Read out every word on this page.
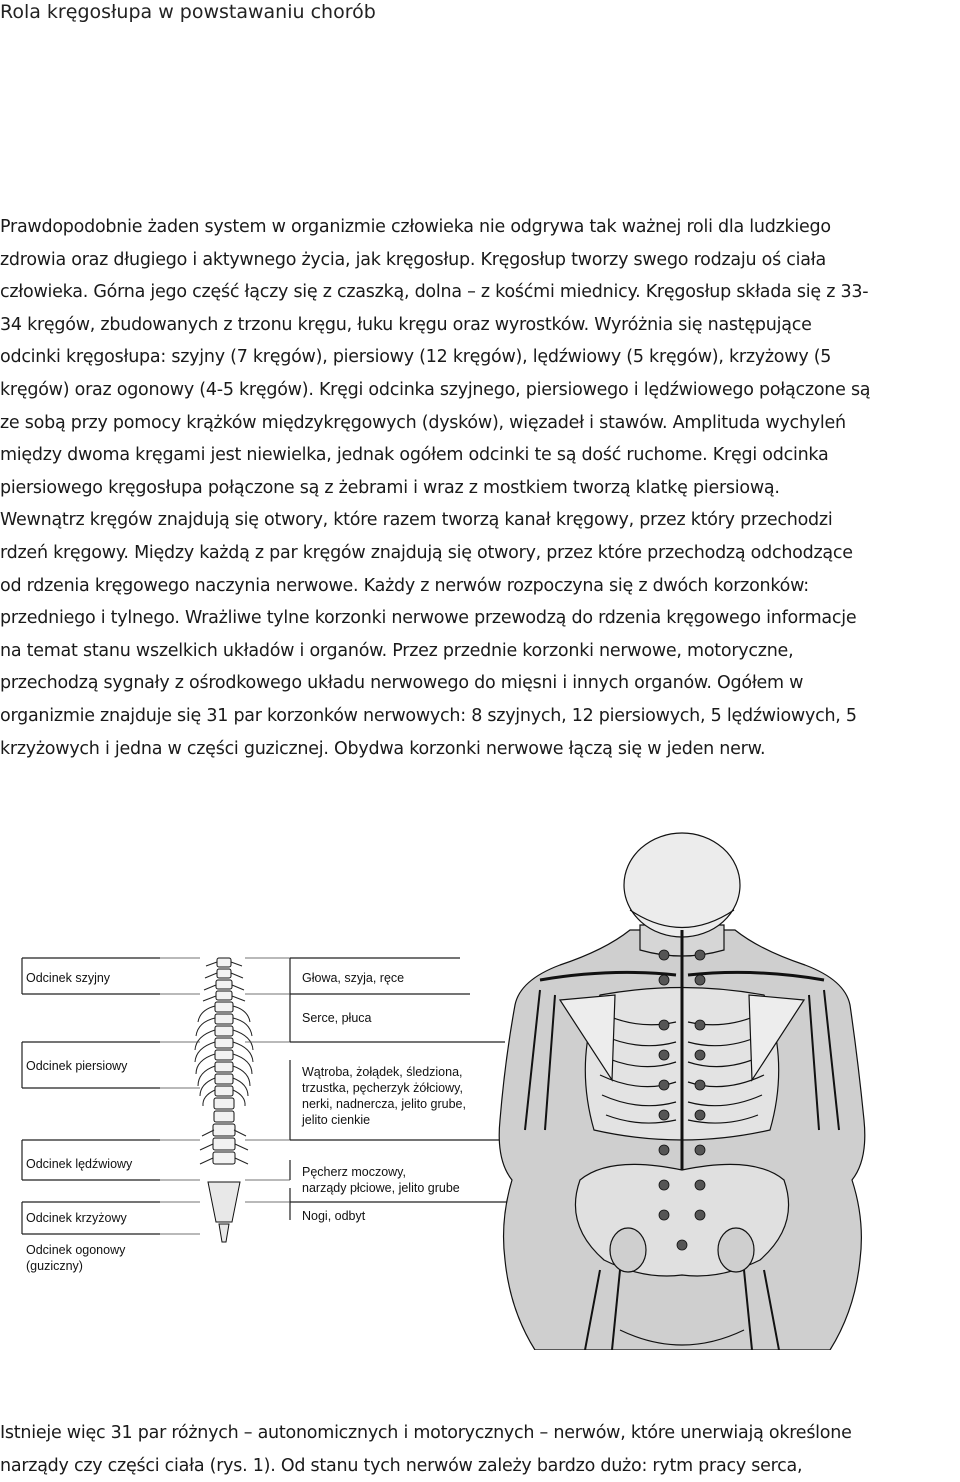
Rola kręgosłupa w powstawaniu chorób
Prawdopodobnie żaden system w organizmie człowieka nie odgrywa tak ważnej roli dla ludzkiego
zdrowia oraz długiego i aktywnego życia, jak kręgosłup. Kręgosłup tworzy swego rodzaju oś ciała
człowieka. Górna jego część łączy się z czaszką, dolna – z kośćmi miednicy. Kręgosłup składa się z 33-
34 kręgów, zbudowanych z trzonu kręgu, łuku kręgu oraz wyrostków. Wyróżnia się następujące
odcinki kręgosłupa: szyjny (7 kręgów), piersiowy (12 kręgów), lędźwiowy (5 kręgów), krzyżowy (5
kręgów) oraz ogonowy (4-5 kręgów). Kręgi odcinka szyjnego, piersiowego i lędźwiowego połączone są
ze sobą przy pomocy krążków międzykręgowych (dysków), więzadeł i stawów. Amplituda wychyleń
między dwoma kręgami jest niewielka, jednak ogółem odcinki te są dość ruchome. Kręgi odcinka
piersiowego kręgosłupa połączone są z żebrami i wraz z mostkiem tworzą klatkę piersiową.
Wewnątrz kręgów znajdują się otwory, które razem tworzą kanał kręgowy, przez który przechodzi
rdzeń kręgowy. Między każdą z par kręgów znajdują się otwory, przez które przechodzą odchodzące
od rdzenia kręgowego naczynia nerwowe. Każdy z nerwów rozpoczyna się z dwóch korzonków:
przedniego i tylnego. Wrażliwe tylne korzonki nerwowe przewodzą do rdzenia kręgowego informacje
na temat stanu wszelkich układów i organów. Przez przednie korzonki nerwowe, motoryczne,
przechodzą sygnały z ośrodkowego układu nerwowego do mięsni i innych organów. Ogółem w
organizmie znajduje się 31 par korzonków nerwowych: 8 szyjnych, 12 piersiowych, 5 lędźwiowych, 5
krzyżowych i jedna w części guzicznej. Obydwa korzonki nerwowe łączą się w jeden nerw.
Odcinek szyjny
Odcinek piersiowy
Odcinek lędźwiowy
Odcinek krzyżowy
Odcinek ogonowy
(guziczny)
Głowa, szyja, ręce
Serce, płuca
Wątroba, żołądek, śledziona,
trzustka, pęcherzyk żółciowy,
nerki, nadnercza, jelito grube,
jelito cienkie
Pęcherz moczowy,
narządy płciowe, jelito grube
Nogi, odbyt
Istnieje więc 31 par różnych – autonomicznych i motorycznych – nerwów, które unerwiają określone
narządy czy części ciała (rys. 1). Od stanu tych nerwów zależy bardzo dużo: rytm pracy serca,
